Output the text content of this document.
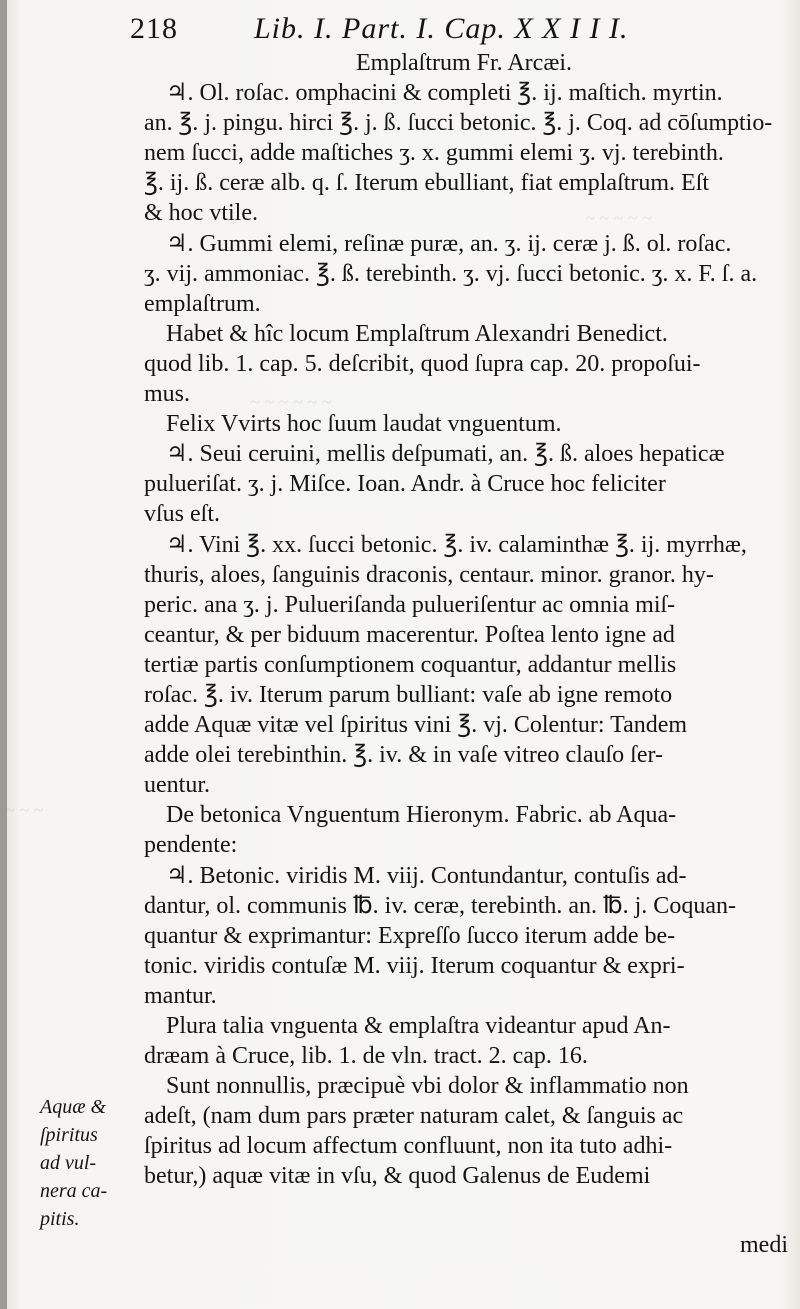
~ ~ ~ ~ ~
~ ~ ~ ~ ~ ~
~ ~ ~
218	Lib. I. Part. I. Cap. X X I I I.

Emplaſtrum Fr. Arcæi.

♃. Ol. roſac. omphacini & completi ℥. ij. maſtich. myrtin.

an. ℥. j. pingu. hirci ℥. j. ß. ſucci betonic. ℥. j. Coq. ad cōſumptio-

nem ſucci, adde maſtiches ʒ. x. gummi elemi ʒ. vj. terebinth.

℥. ij. ß. ceræ alb. q. ſ. Iterum ebulliant, fiat emplaſtrum. Eſt

& hoc vtile.

♃. Gummi elemi, reſinæ puræ, an. ʒ. ij. ceræ j. ß. ol. roſac.

ʒ. vij. ammoniac. ℥. ß. terebinth. ʒ. vj. ſucci betonic. ʒ. x. F. ſ. a.

emplaſtrum.

Habet & hîc locum Emplaſtrum Alexandri Benedict.

quod lib. 1. cap. 5. deſcribit, quod ſupra cap. 20. propoſui-

mus.

Felix Vvirts hoc ſuum laudat vnguentum.

♃. Seui ceruini, mellis deſpumati, an. ℥. ß. aloes hepaticæ

pulueriſat. ʒ. j. Miſce. Ioan. Andr. à Cruce hoc feliciter

vſus eſt.

♃. Vini ℥. xx. ſucci betonic. ℥. iv. calaminthæ ℥. ij. myrrhæ,

thuris, aloes, ſanguinis draconis, centaur. minor. granor. hy-

peric. ana ʒ. j. Pulueriſanda pulueriſentur ac omnia miſ-

ceantur, & per biduum macerentur. Poſtea lento igne ad

tertiæ partis conſumptionem coquantur, addantur mellis

roſac. ℥. iv. Iterum parum bulliant: vaſe ab igne remoto

adde Aquæ vitæ vel ſpiritus vini ℥. vj. Colentur: Tandem

adde olei terebinthin. ℥. iv. & in vaſe vitreo clauſo ſer-

uentur.

De betonica Vnguentum Hieronym. Fabric. ab Aqua-

pendente:

♃. Betonic. viridis M. viij. Contundantur, contuſis ad-

dantur, ol. communis ℔. iv. ceræ, terebinth. an. ℔. j. Coquan-

quantur & exprimantur: Expreſſo ſucco iterum adde be-

tonic. viridis contuſæ M. viij. Iterum coquantur & expri-

mantur.

Plura talia vnguenta & emplaſtra videantur apud An-

dræam à Cruce, lib. 1. de vln. tract. 2. cap. 16.

Sunt nonnullis, præcipuè vbi dolor & inflammatio non

adeſt, (nam dum pars præter naturam calet, & ſanguis ac

ſpiritus ad locum affectum confluunt, non ita tuto adhi-

betur,) aquæ vitæ in vſu, & quod Galenus de Eudemi

Aquæ &
ſpiritus
ad vul-
nera ca-
pitis.
medi
